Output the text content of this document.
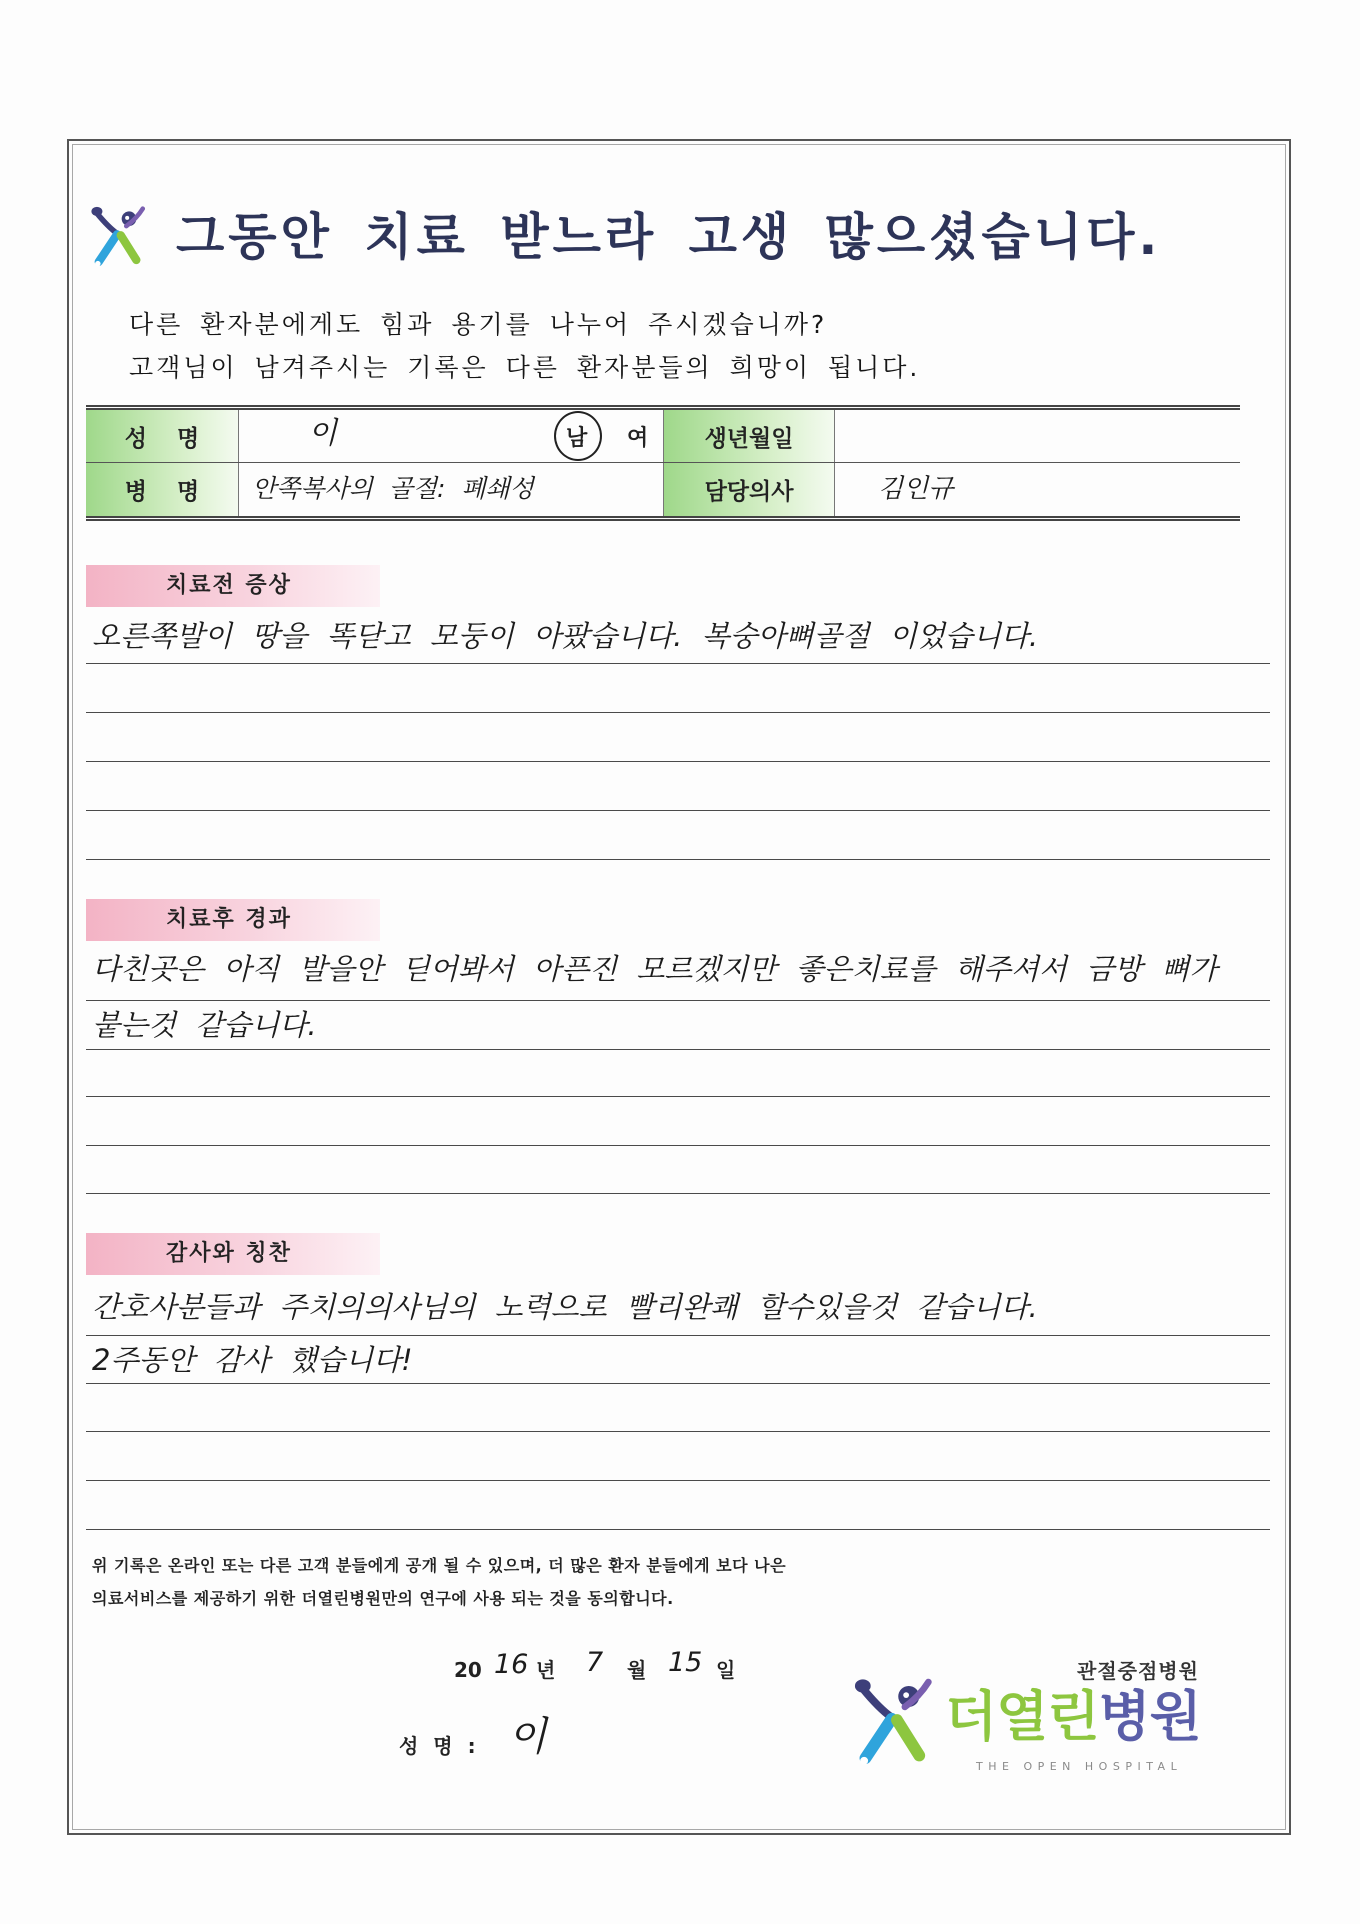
그동안 치료 받느라 고생 많으셨습니다.
다른 환자분에게도 힘과 용기를 나누어 주시겠습니까?
고객님이 남겨주시는 기록은 다른 환자분들의 희망이 됩니다.
성 명	이	남 여	생년월일
병 명	안쪽복사의 골절: 폐쇄성	담당의사	김인규
치료전 증상
오른쪽발이 땅을 똑닫고 모둥이 아팠습니다. 복숭아뼈골절 이었습니다.
치료후 경과
다친곳은 아직 발을안 딛어봐서 아픈진 모르겠지만 좋은치료를 해주셔서 금방 뼈가
붙는것 같습니다.
감사와 칭찬
간호사분들과 주치의의사님의 노력으로 빨리완쾌 할수있을것 같습니다.
2주동안 감사 했습니다!
위 기록은 온라인 또는 다른 고객 분들에게 공개 될 수 있으며, 더 많은 환자 분들에게 보다 나은
의료서비스를 제공하기 위한 더열린병원만의 연구에 사용 되는 것을 동의합니다.
20 16 년 7 월 15 일
성 명 : 이
관절중점병원
더열린병원
THE OPEN HOSPITAL
